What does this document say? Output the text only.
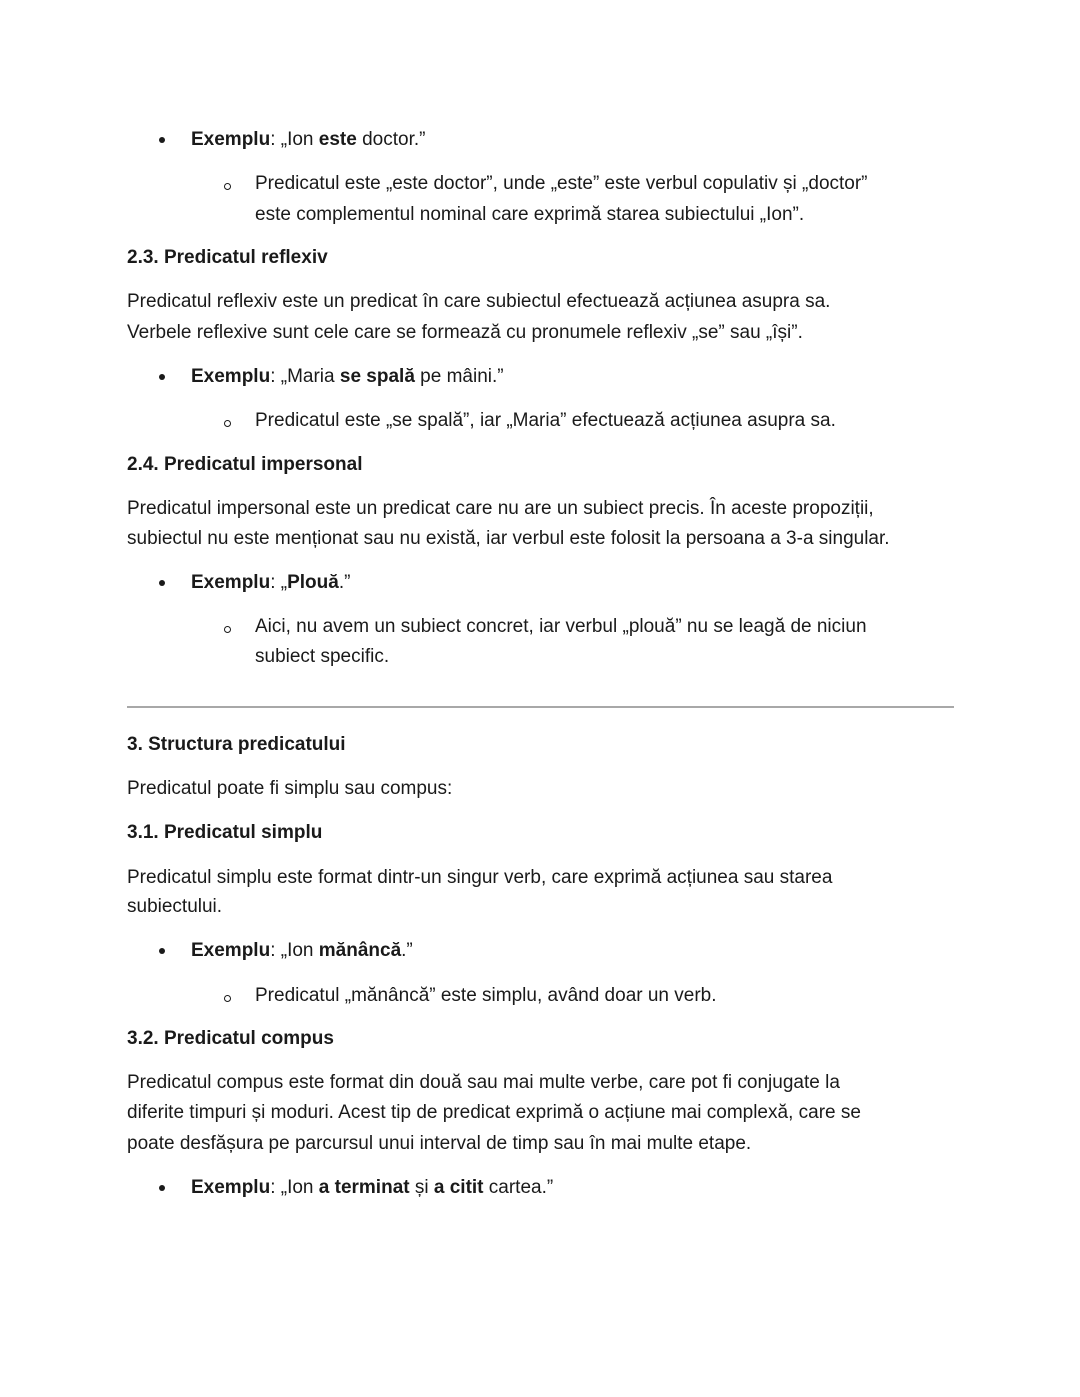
Exemplu: „Ion este doctor.”
Predicatul este „este doctor”, unde „este” este verbul copulativ și „doctor”
este complementul nominal care exprimă starea subiectului „Ion”.
2.3. Predicatul reflexiv
Predicatul reflexiv este un predicat în care subiectul efectuează acțiunea asupra sa.
Verbele reflexive sunt cele care se formează cu pronumele reflexiv „se” sau „își”.
Exemplu: „Maria se spală pe mâini.”
Predicatul este „se spală”, iar „Maria” efectuează acțiunea asupra sa.
2.4. Predicatul impersonal
Predicatul impersonal este un predicat care nu are un subiect precis. În aceste propoziții,
subiectul nu este menționat sau nu există, iar verbul este folosit la persoana a 3-a singular.
Exemplu: „Plouă.”
Aici, nu avem un subiect concret, iar verbul „plouă” nu se leagă de niciun
subiect specific.
3. Structura predicatului
Predicatul poate fi simplu sau compus:
3.1. Predicatul simplu
Predicatul simplu este format dintr-un singur verb, care exprimă acțiunea sau starea
subiectului.
Exemplu: „Ion mănâncă.”
Predicatul „mănâncă” este simplu, având doar un verb.
3.2. Predicatul compus
Predicatul compus este format din două sau mai multe verbe, care pot fi conjugate la
diferite timpuri și moduri. Acest tip de predicat exprimă o acțiune mai complexă, care se
poate desfășura pe parcursul unui interval de timp sau în mai multe etape.
Exemplu: „Ion a terminat și a citit cartea.”
